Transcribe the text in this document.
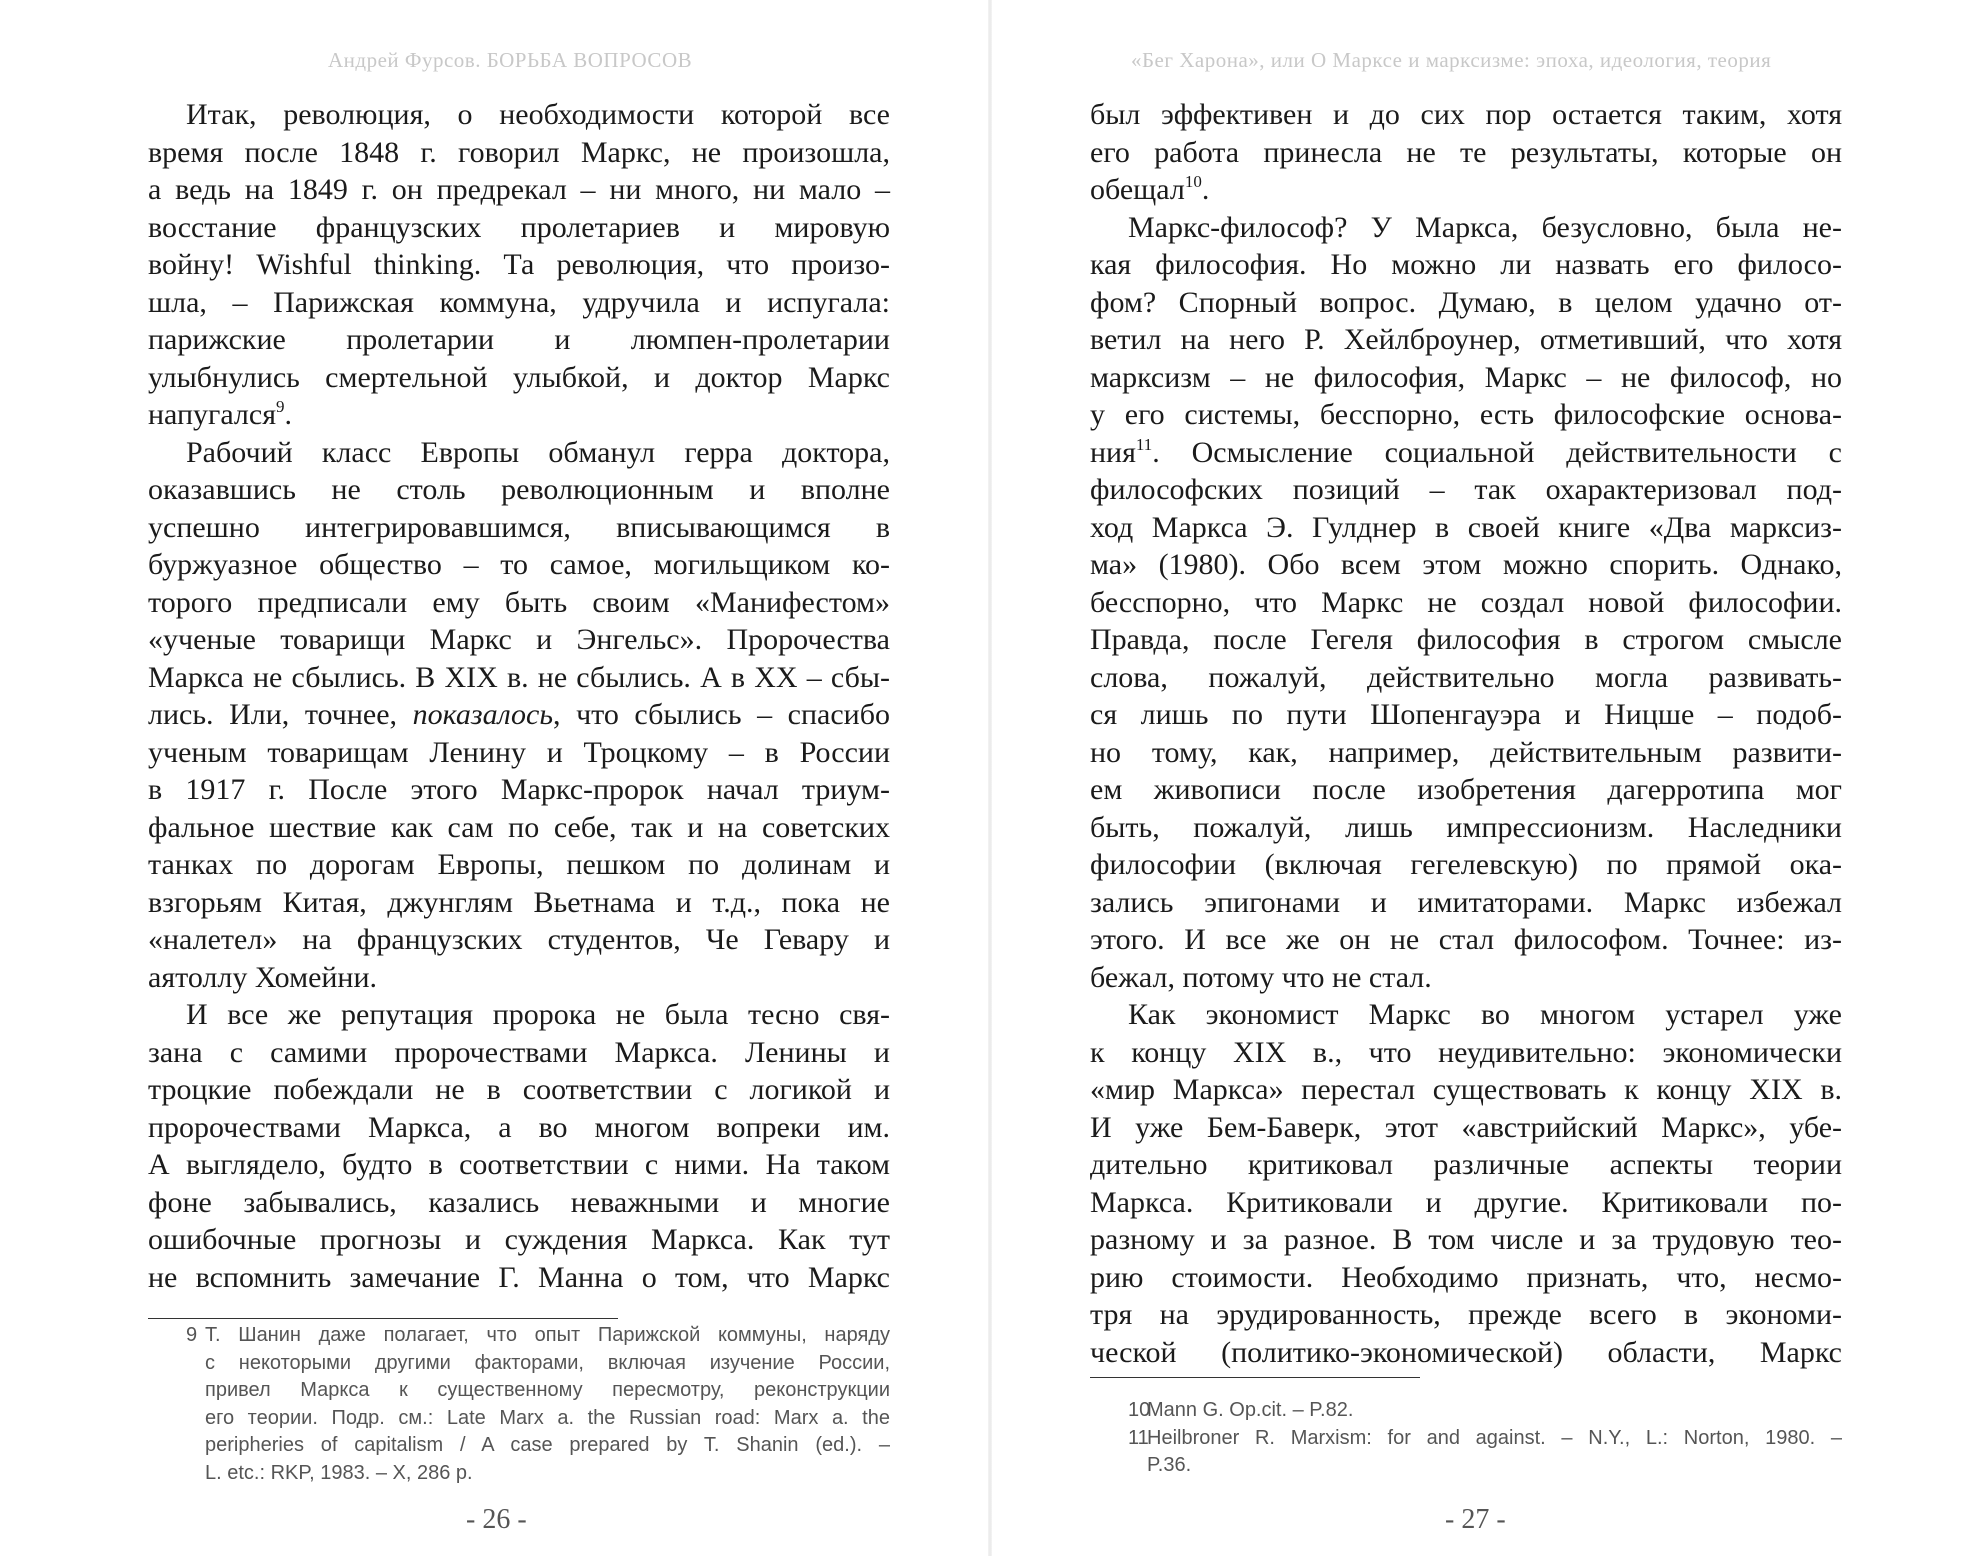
Андрей Фурсов. БОРЬБА ВОПРОСОВ

Итак, революция, о необходимости которой все
время после 1848 г. говорил Маркс, не произошла,
а ведь на 1849 г. он предрекал – ни много, ни мало –
восстание французских пролетариев и мировую
войну! Wishful thinking. Та революция, что произо-
шла, – Парижская коммуна, удручила и испугала:
парижские пролетарии и люмпен-пролетарии
улыбнулись смертельной улыбкой, и доктор Маркс
напугался$^9$.
Рабочий класс Европы обманул герра доктора,
оказавшись не столь революционным и вполне
успешно интегрировавшимся, вписывающимся в
буржуазное общество – то самое, могильщиком ко-
торого предписали ему быть своим «Манифестом»
«ученые товарищи Маркс и Энгельс». Пророчества
Маркса не сбылись. В XIX в. не сбылись. А в XX – сбы-
лись. Или, точнее, показалось, что сбылись – спасибо
ученым товарищам Ленину и Троцкому – в России
в 1917 г. После этого Маркс-пророк начал триум-
фальное шествие как сам по себе, так и на советских
танках по дорогам Европы, пешком по долинам и
взгорьям Китая, джунглям Вьетнама и т.д., пока не
«налетел» на французских студентов, Че Гевару и
аятоллу Хомейни.
И все же репутация пророка не была тесно свя-
зана с самими пророчествами Маркса. Ленины и
троцкие побеждали не в соответствии с логикой и
пророчествами Маркса, а во многом вопреки им.
А выглядело, будто в соответствии с ними. На таком
фоне забывались, казались неважными и многие
ошибочные прогнозы и суждения Маркса. Как тут
не вспомнить замечание Г. Манна о том, что Маркс
9 Т. Шанин даже полагает, что опыт Парижской коммуны, наряду
с некоторыми другими факторами, включая изучение России,
привел Маркса к существенному пересмотру, реконструкции
его теории. Подр. см.: Late Marx a. the Russian road: Marx a. the
peripheries of capitalism / A case prepared by T. Shanin (ed.). –
L. etc.: RKP, 1983. – X, 286 p.

- 26 -

«Бег Харона», или О Марксе и марксизме: эпоха, идеология, теория

был эффективен и до сих пор остается таким, хотя
его работа принесла не те результаты, которые он
обещал$^{10}$.
Маркс-философ? У Маркса, безусловно, была не-
кая философия. Но можно ли назвать его филосо-
фом? Спорный вопрос. Думаю, в целом удачно от-
ветил на него Р. Хейлброунер, отметивший, что хотя
марксизм – не философия, Маркс – не философ, но
у его системы, бесспорно, есть философские основа-
ния$^{11}$. Осмысление социальной действительности с
философских позиций – так охарактеризовал под-
ход Маркса Э. Гулднер в своей книге «Два марксиз-
ма» (1980). Обо всем этом можно спорить. Однако,
бесспорно, что Маркс не создал новой философии.
Правда, после Гегеля философия в строгом смысле
слова, пожалуй, действительно могла развивать-
ся лишь по пути Шопенгауэра и Ницше – подоб-
но тому, как, например, действительным развити-
ем живописи после изобретения дагерротипа мог
быть, пожалуй, лишь импрессионизм. Наследники
философии (включая гегелевскую) по прямой ока-
зались эпигонами и имитаторами. Маркс избежал
этого. И все же он не стал философом. Точнее: из-
бежал, потому что не стал.
Как экономист Маркс во многом устарел уже
к концу XIX в., что неудивительно: экономически
«мир Маркса» перестал существовать к концу XIX в.
И уже Бем-Баверк, этот «австрийский Маркс», убе-
дительно критиковал различные аспекты теории
Маркса. Критиковали и другие. Критиковали по-
разному и за разное. В том числе и за трудовую тео-
рию стоимости. Необходимо признать, что, несмо-
тря на эрудированность, прежде всего в экономи-
ческой (политико-экономической) области, Маркс
10
Mann G. Op.cit. – P.82.
11
Heilbroner R. Marxism: for and against. – N.Y., L.: Norton, 1980. –
P.36.

- 27 -
